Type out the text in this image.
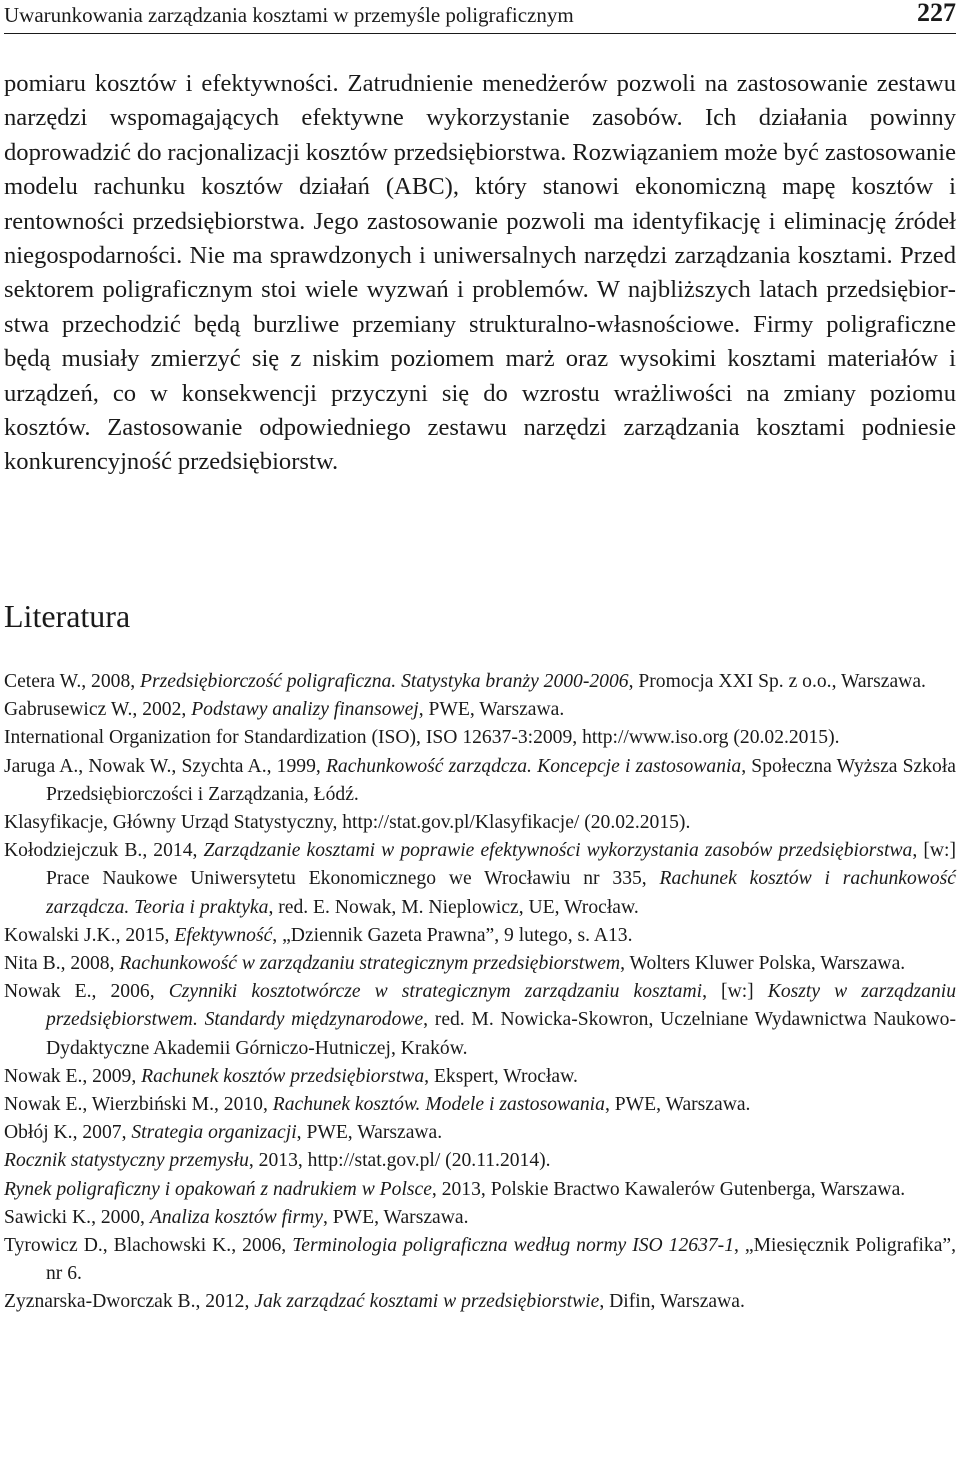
Uwarunkowania zarządzania kosztami w przemyśle poligraficznym	227

pomiaru kosztów i efektywności. Zatrudnienie menedżerów pozwoli na zastosowanie zestawu narzędzi wspomagających efektywne wykorzystanie zasobów. Ich działania powinny doprowadzić do racjonalizacji kosztów przedsiębiorstwa. Rozwiązaniem może być zastosowanie modelu rachunku kosztów działań (ABC), który stanowi ekonomiczną mapę kosztów i rentowności przedsiębiorstwa. Jego zastosowanie pozwoli ma identyfikację i eliminację źródeł niegospodarności. Nie ma sprawdzonych i uniwersalnych narzędzi zarządzania kosztami. Przed sektorem poligraficznym stoi wiele wyzwań i problemów. W najbliższych latach przedsiębiorstwa przechodzić będą burzliwe przemiany strukturalno-własnościowe. Firmy poligraficzne będą musiały zmierzyć się z niskim poziomem marż oraz wysokimi kosztami materiałów i urządzeń, co w konsekwencji przyczyni się do wzrostu wrażliwości na zmiany poziomu kosztów. Zastosowanie odpowiedniego zestawu narzędzi zarządzania kosztami podniesie konkurencyjność przedsiębiorstw.

Literatura
Cetera W., 2008, Przedsiębiorczość poligraficzna. Statystyka branży 2000-2006, Promocja XXI Sp. z o.o., Warszawa.
Gabrusewicz W., 2002, Podstawy analizy finansowej, PWE, Warszawa.
International Organization for Standardization (ISO), ISO 12637-3:2009, http://www.iso.org (20.02.2015).
Jaruga A., Nowak W., Szychta A., 1999, Rachunkowość zarządcza. Koncepcje i zastosowania, Społeczna Wyższa Szkoła Przedsiębiorczości i Zarządzania, Łódź.
Klasyfikacje, Główny Urząd Statystyczny, http://stat.gov.pl/Klasyfikacje/ (20.02.2015).
Kołodziejczuk B., 2014, Zarządzanie kosztami w poprawie efektywności wykorzystania zasobów przedsiębiorstwa, [w:] Prace Naukowe Uniwersytetu Ekonomicznego we Wrocławiu nr 335, Rachunek kosztów i rachunkowość zarządcza. Teoria i praktyka, red. E. Nowak, M. Nieplowicz, UE, Wrocław.
Kowalski J.K., 2015, Efektywność, „Dziennik Gazeta Prawna”, 9 lutego, s. A13.
Nita B., 2008, Rachunkowość w zarządzaniu strategicznym przedsiębiorstwem, Wolters Kluwer Polska, Warszawa.
Nowak E., 2006, Czynniki kosztotwórcze w strategicznym zarządzaniu kosztami, [w:] Koszty w zarządzaniu przedsiębiorstwem. Standardy międzynarodowe, red. M. Nowicka-Skowron, Uczelniane Wydawnictwa Naukowo-Dydaktyczne Akademii Górniczo-Hutniczej, Kraków.
Nowak E., 2009, Rachunek kosztów przedsiębiorstwa, Ekspert, Wrocław.
Nowak E., Wierzbiński M., 2010, Rachunek kosztów. Modele i zastosowania, PWE, Warszawa.
Obłój K., 2007, Strategia organizacji, PWE, Warszawa.
Rocznik statystyczny przemysłu, 2013, http://stat.gov.pl/ (20.11.2014).
Rynek poligraficzny i opakowań z nadrukiem w Polsce, 2013, Polskie Bractwo Kawalerów Gutenberga, Warszawa.
Sawicki K., 2000, Analiza kosztów firmy, PWE, Warszawa.
Tyrowicz D., Blachowski K., 2006, Terminologia poligraficzna według normy ISO 12637-1, „Miesięcznik Poligrafika”, nr 6.
Zyznarska-Dworczak B., 2012, Jak zarządzać kosztami w przedsiębiorstwie, Difin, Warszawa.
